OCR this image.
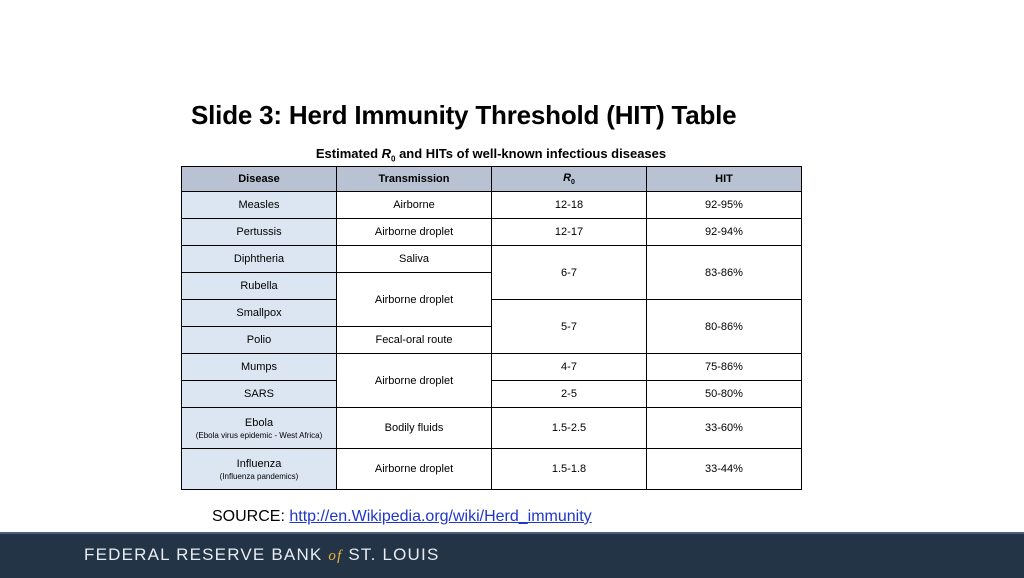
Slide 3: Herd Immunity Threshold (HIT) Table
Estimated $R_0$ and HITs of well-known infectious diseases
Disease	Transmission	$R_0$	HIT
Measles	Airborne	12-18	92-95%
Pertussis	Airborne droplet	12-17	92-94%
Diphtheria	Saliva	6-7	83-86%
Rubella	Airborne droplet		
Smallpox		5-7	80-86%
Polio	Fecal-oral route		
Mumps	Airborne droplet	4-7	75-86%
SARS		2-5	50-80%
Ebola
(Ebola virus epidemic - West Africa)	Bodily fluids	1.5-2.5	33-60%
Influenza
(Influenza pandemics)	Airborne droplet	1.5-1.8	33-44%
SOURCE: http://en.Wikipedia.org/wiki/Herd_immunity
FEDERAL RESERVE BANK of ST. LOUIS
